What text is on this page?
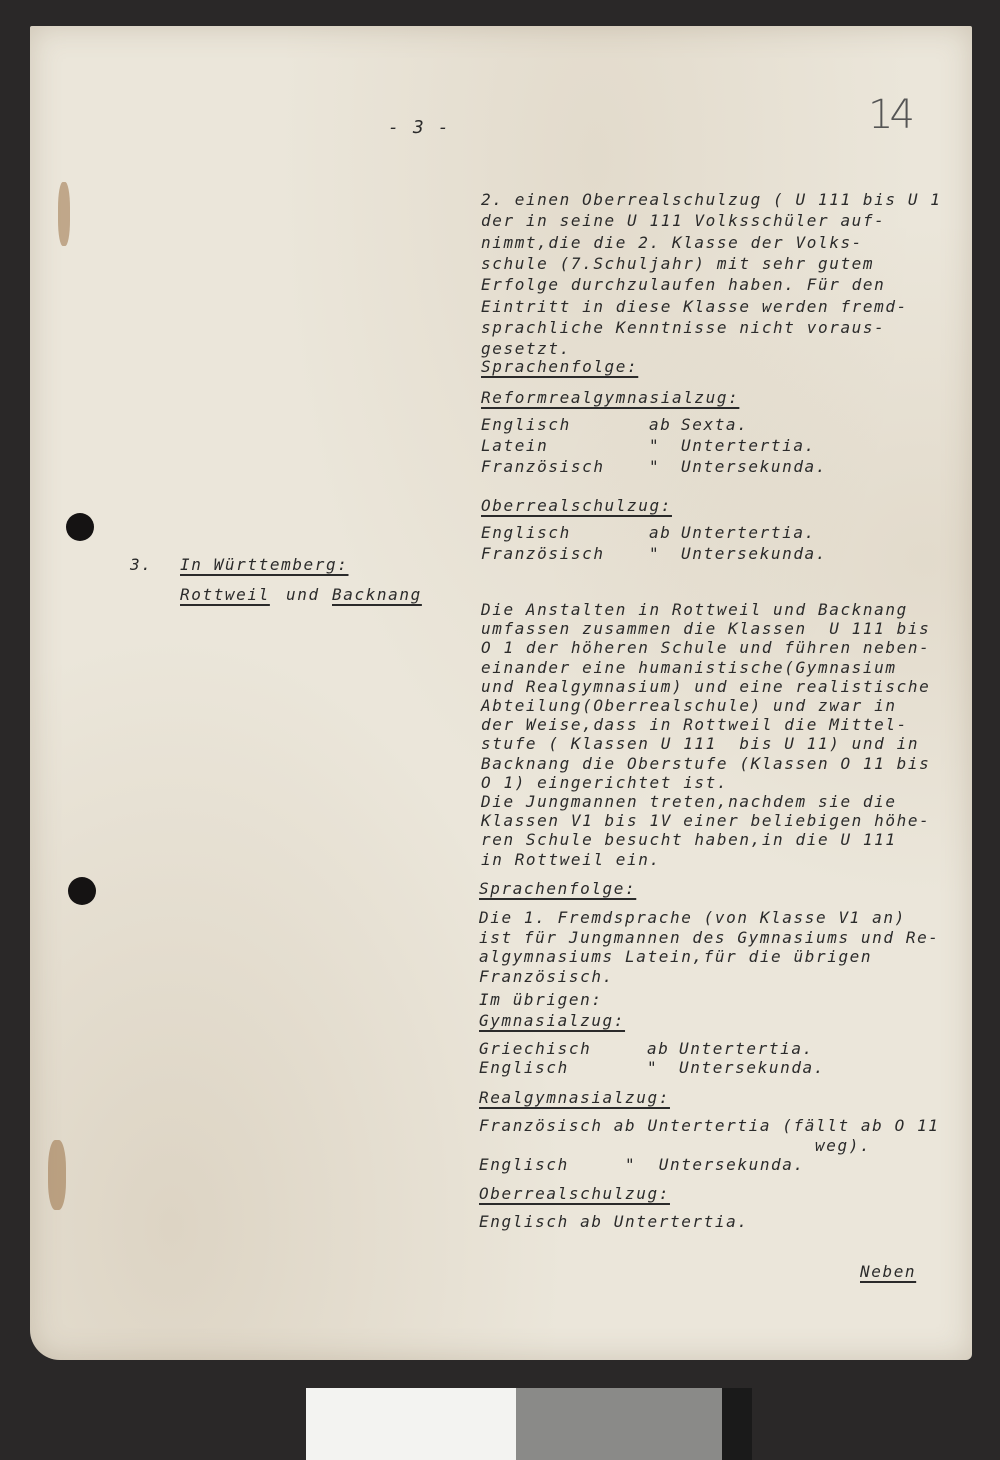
- 3 -	14
2. einen Oberrealschulzug ( U 111 bis U 1
der in seine U 111 Volksschüler auf-
nimmt,die die 2. Klasse der Volks-
schule (7.Schuljahr) mit sehr gutem
Erfolge durchzulaufen haben. Für den
Eintritt in diese Klasse werden fremd-
sprachliche Kenntnisse nicht voraus-
gesetzt.
Sprachenfolge:
Reformrealgymnasialzug:
Englisch	ab Sexta.
Latein	" Untertertia.
Französisch	" Untersekunda.
Oberrealschulzug:
Englisch	ab Untertertia.
Französisch	" Untersekunda.
3. In Württemberg:
Rottweil und Backnang
Die Anstalten in Rottweil und Backnang
umfassen zusammen die Klassen  U 111 bis
O 1 der höheren Schule und führen neben-
einander eine humanistische(Gymnasium
und Realgymnasium) und eine realistische
Abteilung(Oberrealschule) und zwar in
der Weise,dass in Rottweil die Mittel-
stufe ( Klassen U 111  bis U 11) und in
Backnang die Oberstufe (Klassen O 11 bis
O 1) eingerichtet ist.
Die Jungmannen treten,nachdem sie die
Klassen V1 bis 1V einer beliebigen höhe-
ren Schule besucht haben,in die U 111
in Rottweil ein.
Sprachenfolge:
Die 1. Fremdsprache (von Klasse V1 an)
ist für Jungmannen des Gymnasiums und Re-
algymnasiums Latein,für die übrigen
Französisch.
Im übrigen:
Gymnasialzug:
Griechisch	ab Untertertia.
Englisch	" Untersekunda.
Realgymnasialzug:
Französisch ab Untertertia (fällt ab O 11
weg).
Englisch     "  Untersekunda.
Oberrealschulzug:
Englisch ab Untertertia.
Neben
